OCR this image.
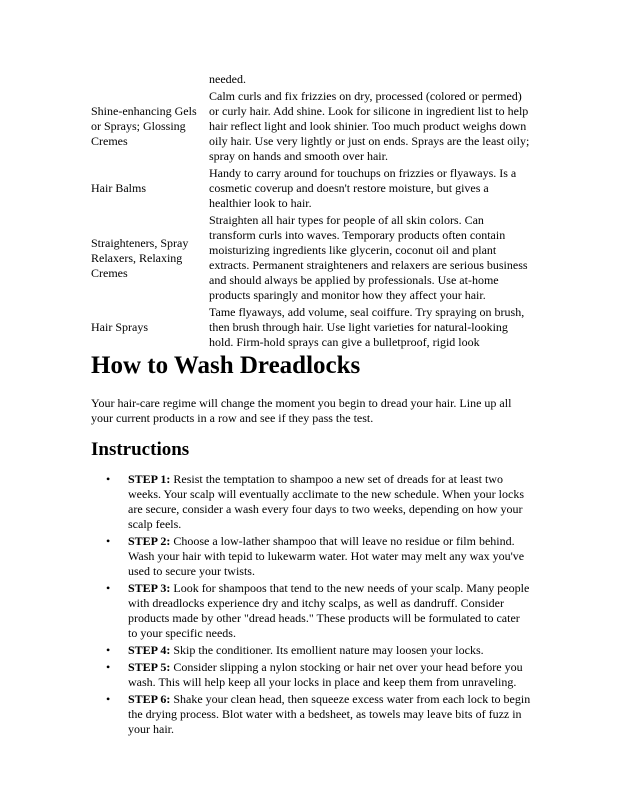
	needed.
Shine-enhancing Gels or Sprays; Glossing Cremes	Calm curls and fix frizzies on dry, processed (colored or permed) or curly hair. Add shine. Look for silicone in ingredient list to help hair reflect light and look shinier. Too much product weighs down oily hair. Use very lightly or just on ends. Sprays are the least oily; spray on hands and smooth over hair.
Hair Balms	Handy to carry around for touchups on frizzies or flyaways. Is a cosmetic coverup and doesn't restore moisture, but gives a healthier look to hair.
Straighteners, Spray Relaxers, Relaxing Cremes	Straighten all hair types for people of all skin colors. Can transform curls into waves. Temporary products often contain moisturizing ingredients like glycerin, coconut oil and plant extracts. Permanent straighteners and relaxers are serious business and should always be applied by professionals. Use at-home products sparingly and monitor how they affect your hair.
Hair Sprays	Tame flyaways, add volume, seal coiffure. Try spraying on brush, then brush through hair. Use light varieties for natural-looking hold. Firm-hold sprays can give a bulletproof, rigid look
How to Wash Dreadlocks

Your hair-care regime will change the moment you begin to dread your hair. Line up all your current products in a row and see if they pass the test.

Instructions
• STEP 1: Resist the temptation to shampoo a new set of dreads for at least two weeks. Your scalp will eventually acclimate to the new schedule. When your locks are secure, consider a wash every four days to two weeks, depending on how your scalp feels.
• STEP 2: Choose a low-lather shampoo that will leave no residue or film behind. Wash your hair with tepid to lukewarm water. Hot water may melt any wax you've used to secure your twists.
• STEP 3: Look for shampoos that tend to the new needs of your scalp. Many people with dreadlocks experience dry and itchy scalps, as well as dandruff. Consider products made by other "dread heads." These products will be formulated to cater to your specific needs.
• STEP 4: Skip the conditioner. Its emollient nature may loosen your locks.
• STEP 5: Consider slipping a nylon stocking or hair net over your head before you wash. This will help keep all your locks in place and keep them from unraveling.
• STEP 6: Shake your clean head, then squeeze excess water from each lock to begin the drying process. Blot water with a bedsheet, as towels may leave bits of fuzz in your hair.
